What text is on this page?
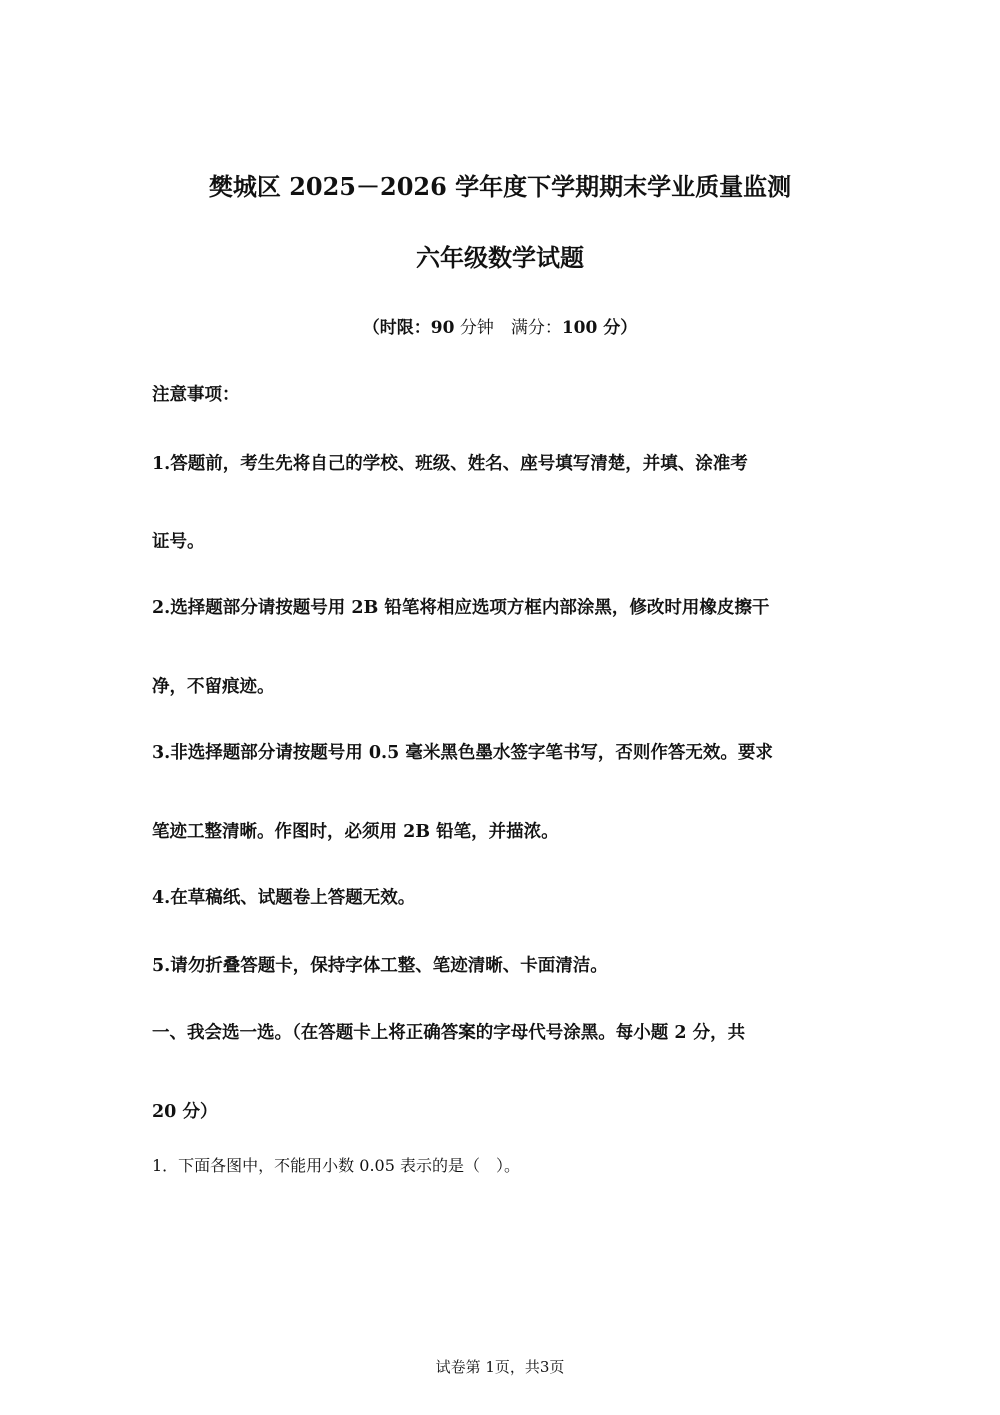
樊城区 2025－2026 学年度下学期期末学业质量监测
六年级数学试题
（时限：90 分钟　 满分：100 分）
注意事项：
1.答题前，考生先将自己的学校、班级、姓名、座号填写清楚，并填、涂准考
证号。
2.选择题部分请按题号用 2B 铅笔将相应选项方框内部涂黑，修改时用橡皮擦干
净，不留痕迹。
3.非选择题部分请按题号用 0.5 毫米黑色墨水签字笔书写，否则作答无效。要求
笔迹工整清晰。作图时，必须用 2B 铅笔，并描浓。
4.在草稿纸、试题卷上答题无效。
5.请勿折叠答题卡，保持字体工整、笔迹清晰、卡面清洁。
一、我会选一选。（在答题卡上将正确答案的字母代号涂黑。每小题 2 分，共
20 分）
1．下面各图中，不能用小数 0.05 表示的是（　）。
试卷第 1页，共3页
